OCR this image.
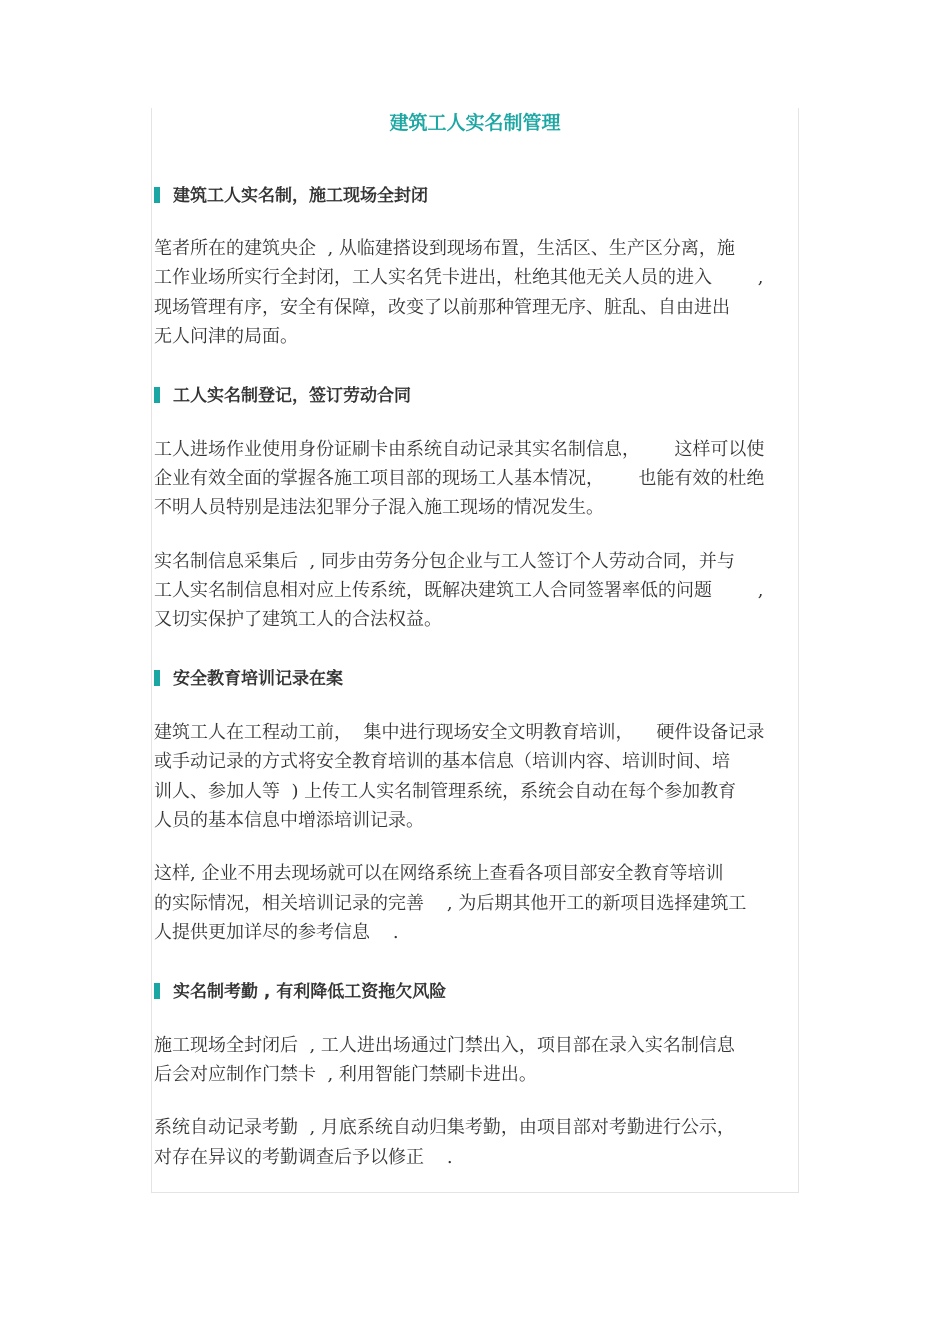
建筑工人实名制管理
建筑工人实名制，施工现场全封闭
笔者所在的建筑央企  , 从临建搭设到现场布置，生活区、生产区分离，施
工作业场所实行全封闭，工人实名凭卡进出，杜绝其他无关人员的进入        ,
现场管理有序，安全有保障，改变了以前那种管理无序、脏乱、自由进出
无人问津的局面。
工人实名制登记，签订劳动合同
工人进场作业使用身份证刷卡由系统自动记录其实名制信息，      这样可以使
企业有效全面的掌握各施工项目部的现场工人基本情况，      也能有效的杜绝
不明人员特别是违法犯罪分子混入施工现场的情况发生。
实名制信息采集后  , 同步由劳务分包企业与工人签订个人劳动合同，并与
工人实名制信息相对应上传系统，既解决建筑工人合同签署率低的问题        ,
又切实保护了建筑工人的合法权益。
安全教育培训记录在案
建筑工人在工程动工前，  集中进行现场安全文明教育培训，    硬件设备记录
或手动记录的方式将安全教育培训的基本信息（培训内容、培训时间、培
训人、参加人等  ) 上传工人实名制管理系统，系统会自动在每个参加教育
人员的基本信息中增添培训记录。
这样, 企业不用去现场就可以在网络系统上查看各项目部安全教育等培训
的实际情况，相关培训记录的完善    , 为后期其他开工的新项目选择建筑工
人提供更加详尽的参考信息    .
实名制考勤 , 有利降低工资拖欠风险
施工现场全封闭后  , 工人进出场通过门禁出入，项目部在录入实名制信息
后会对应制作门禁卡  , 利用智能门禁刷卡进出。
系统自动记录考勤  , 月底系统自动归集考勤，由项目部对考勤进行公示，
对存在异议的考勤调查后予以修正    .
